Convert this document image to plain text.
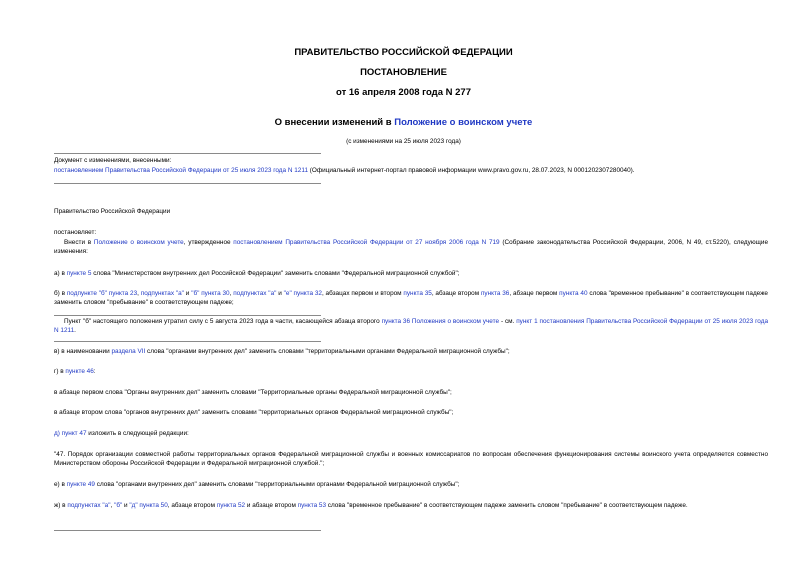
ПРАВИТЕЛЬСТВО РОССИЙСКОЙ ФЕДЕРАЦИИ
ПОСТАНОВЛЕНИЕ
от 16 апреля 2008 года N 277
О внесении изменений в Положение о воинском учете
(с изменениями на 25 июля 2023 года)
Документ с изменениями, внесенными:
постановлением Правительства Российской Федерации от 25 июля 2023 года N 1211 (Официальный интернет-портал правовой информации www.pravo.gov.ru, 28.07.2023, N 0001202307280040).
Правительство Российской Федерации
постановляет:
Внести в Положение о воинском учете, утвержденное постановлением Правительства Российской Федерации от 27 ноября 2006 года N 719 (Собрание законодательства Российской Федерации, 2006, N 49, ст.5220), следующие изменения:
а) в пункте 5 слова "Министерством внутренних дел Российской Федерации" заменить словами "Федеральной миграционной службой";
б) в подпункте "б" пункта 23, подпунктах "а" и "б" пункта 30, подпунктах "а" и "е" пункта 32, абзацах первом и втором пункта 35, абзаце втором пункта 36, абзаце первом пункта 40 слова "временное пребывание" в соответствующем падеже заменить словом "пребывание" в соответствующем падеже;
Пункт "б" настоящего положения утратил силу с 5 августа 2023 года в части, касающейся абзаца второго пункта 36 Положения о воинском учете - см. пункт 1 постановления Правительства Российской Федерации от 25 июля 2023 года N 1211.
в) в наименовании раздела VII слова "органами внутренних дел" заменить словами "территориальными органами Федеральной миграционной службы";
г) в пункте 46:
в абзаце первом слова "Органы внутренних дел" заменить словами "Территориальные органы Федеральной миграционной службы";
в абзаце втором слова "органов внутренних дел" заменить словами "территориальных органов Федеральной миграционной службы";
д) пункт 47 изложить в следующей редакции:
"47. Порядок организации совместной работы территориальных органов Федеральной миграционной службы и военных комиссариатов по вопросам обеспечения функционирования системы воинского учета определяется совместно Министерством обороны Российской Федерации и Федеральной миграционной службой.";
е) в пункте 49 слова "органами внутренних дел" заменить словами "территориальными органами Федеральной миграционной службы";
ж) в подпунктах "а", "б" и "д" пункта 50, абзаце втором пункта 52 и абзаце втором пункта 53 слова "временное пребывание" в соответствующем падеже заменить словом "пребывание" в соответствующем падеже.
